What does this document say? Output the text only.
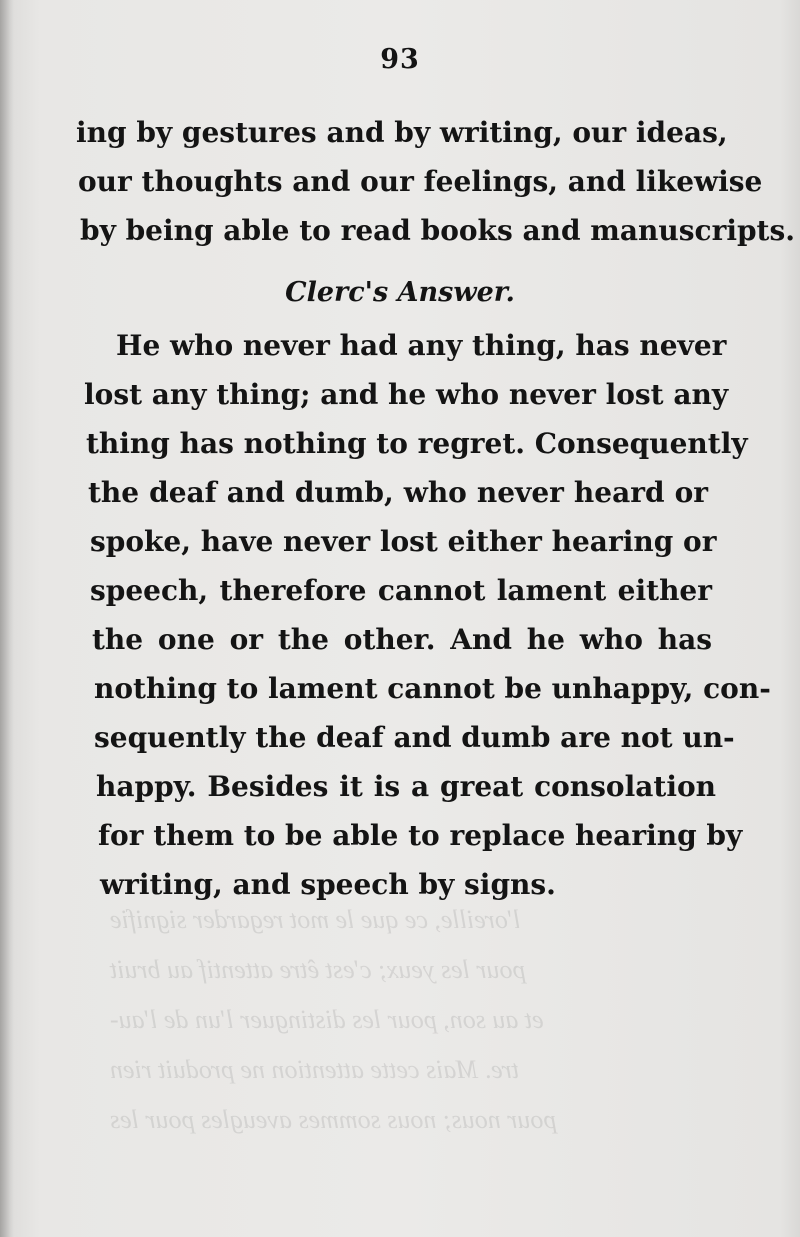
l'oreille, ce que le mot regarder signifie
pour les yeux; c'est être attentif au bruit
et au son, pour les distinguer l'un de l'au-
tre. Mais cette attention ne produit rien
pour nous; nous sommes aveugles pour les
93
ing by gestures and by writing, our ideas,
our thoughts and our feelings, and likewise
by being able to read books and manuscripts.
Clerc's Answer.
He who never had any thing, has never
lost any thing; and he who never lost any
thing has nothing to regret. Consequently
the deaf and dumb, who never heard or
spoke, have never lost either hearing or
speech, therefore cannot lament either
the one or the other. And he who has
nothing to lament cannot be unhappy, con-
sequently the deaf and dumb are not un-
happy. Besides it is a great consolation
for them to be able to replace hearing by
writing, and speech by signs.
